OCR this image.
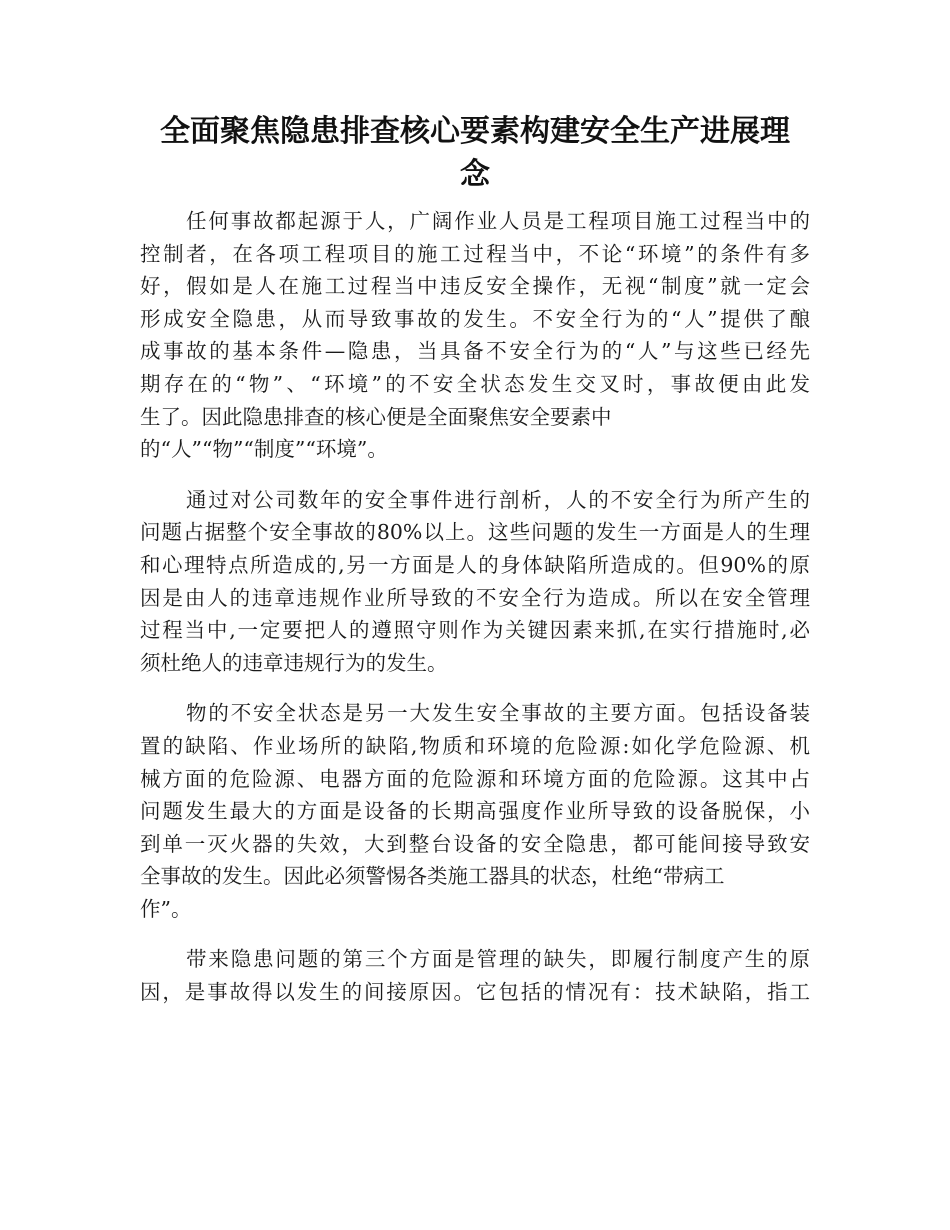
全面聚焦隐患排查核心要素构建安全生产进展理
念

任何事故都起源于人，广阔作业人员是工程项目施工过程当中的
控制者，在各项工程项目的施工过程当中，不论“环境”的条件有多
好，假如是人在施工过程当中违反安全操作，无视“制度”就一定会
形成安全隐患，从而导致事故的发生。不安全行为的“人”提供了酿
成事故的基本条件—隐患，当具备不安全行为的“人”与这些已经先
期存在的“物”、“环境”的不安全状态发生交叉时，事故便由此发
生了。因此隐患排查的核心便是全面聚焦安全要素中
的“人”“物”“制度”“环境”。

通过对公司数年的安全事件进行剖析，人的不安全行为所产生的
问题占据整个安全事故的80%以上。这些问题的发生一方面是人的生理
和心理特点所造成的,另一方面是人的身体缺陷所造成的。但90%的原
因是由人的违章违规作业所导致的不安全行为造成。所以在安全管理
过程当中,一定要把人的遵照守则作为关键因素来抓,在实行措施时,必
须杜绝人的违章违规行为的发生。

物的不安全状态是另一大发生安全事故的主要方面。包括设备装
置的缺陷、作业场所的缺陷,物质和环境的危险源:如化学危险源、机
械方面的危险源、电器方面的危险源和环境方面的危险源。这其中占
问题发生最大的方面是设备的长期高强度作业所导致的设备脱保，小
到单一灭火器的失效，大到整台设备的安全隐患，都可能间接导致安
全事故的发生。因此必须警惕各类施工器具的状态，杜绝“带病工
作”。

带来隐患问题的第三个方面是管理的缺失，即履行制度产生的原
因，是事故得以发生的间接原因。它包括的情况有：技术缺陷，指工
